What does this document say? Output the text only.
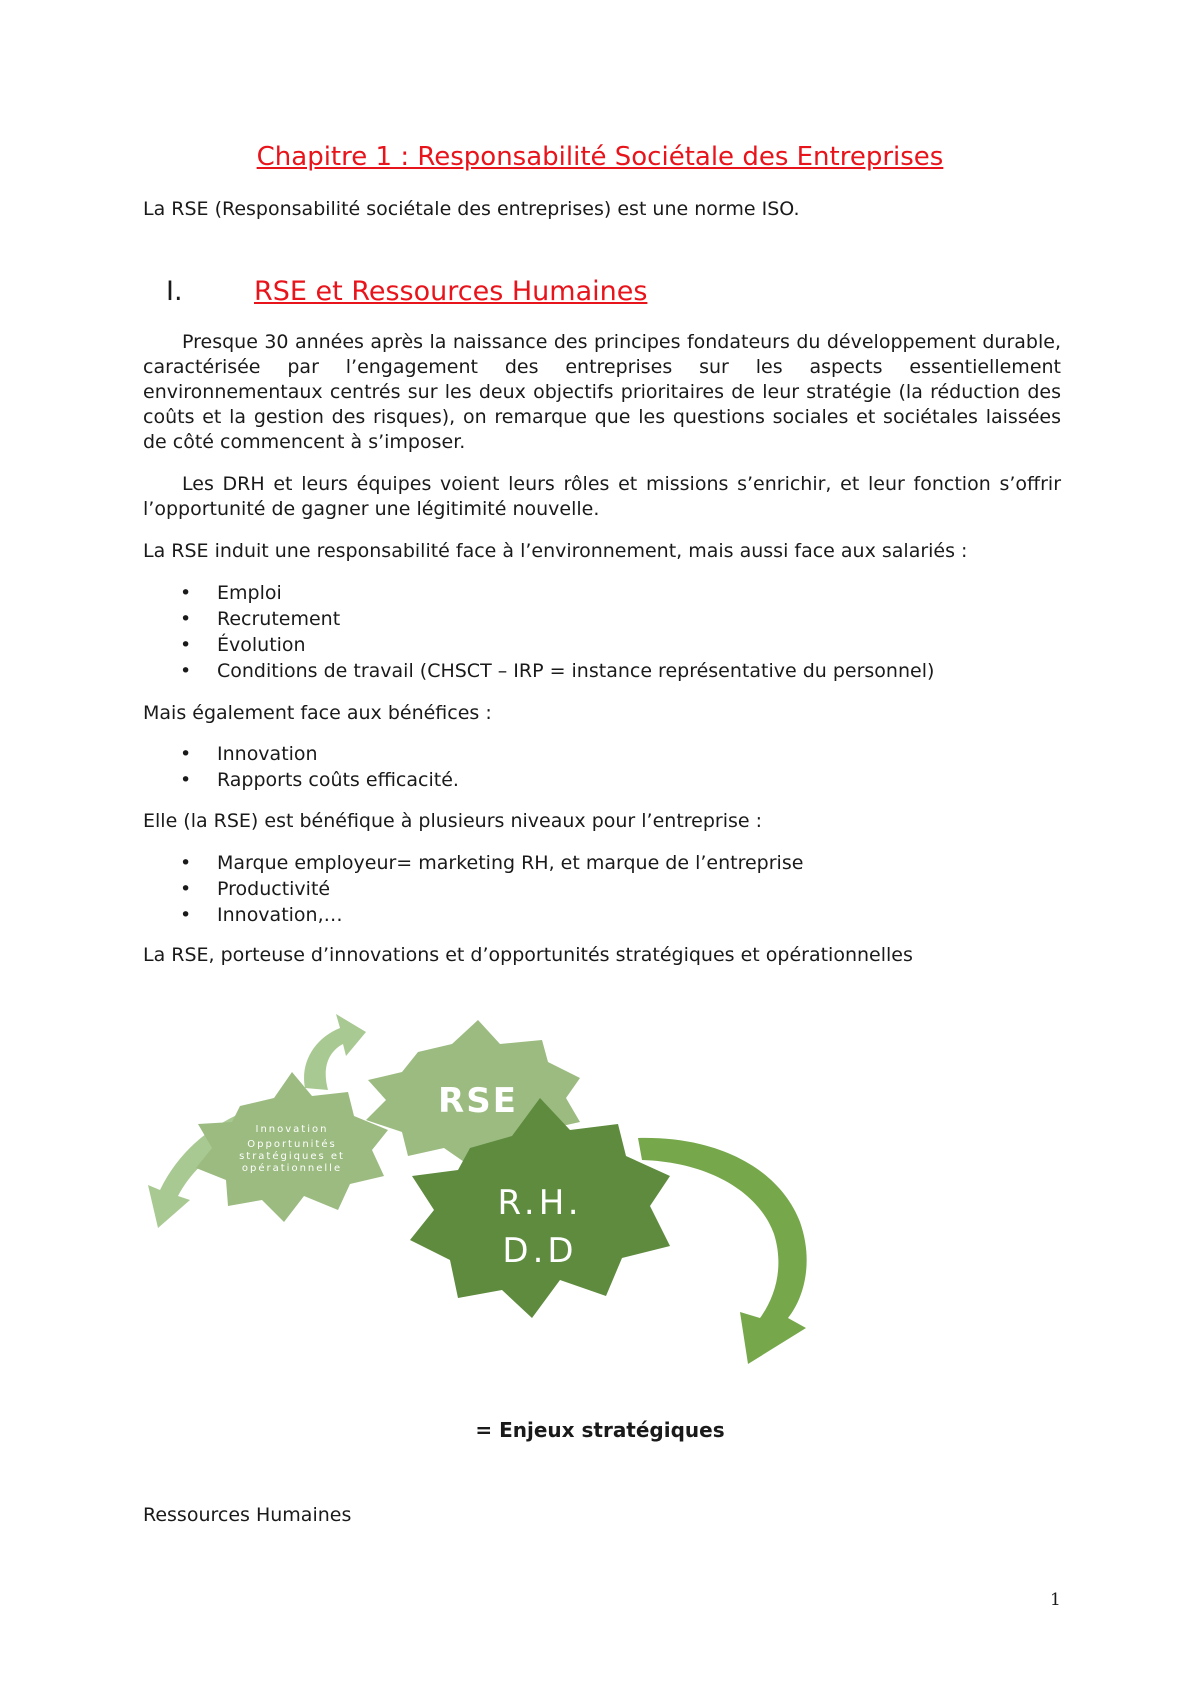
Chapitre 1 : Responsabilité Sociétale des Entreprises

La RSE (Responsabilité sociétale des entreprises) est une norme ISO.

I.	RSE et Ressources Humaines

Presque 30 années après la naissance des principes fondateurs du développement durable, caractérisée par l’engagement des entreprises sur les aspects essentiellement environnementaux centrés sur les deux objectifs prioritaires de leur stratégie (la réduction des coûts et la gestion des risques), on remarque que les questions sociales et sociétales laissées de côté commencent à s’imposer.

Les DRH et leurs équipes voient leurs rôles et missions s’enrichir, et leur fonction s’offrir l’opportunité de gagner une légitimité nouvelle.

La RSE induit une responsabilité face à l’environnement, mais aussi face aux salariés :

• Emploi
• Recrutement
• Évolution
• Conditions de travail (CHSCT – IRP = instance représentative du personnel)

Mais également face aux bénéfices :

• Innovation
• Rapports coûts efficacité.

Elle (la RSE) est bénéfique à plusieurs niveaux pour l’entreprise :

• Marque employeur= marketing RH, et marque de l’entreprise
• Productivité
• Innovation,…

La RSE, porteuse d’innovations et d’opportunités stratégiques et opérationnelles

RSE
Innovation
Opportunités
stratégiques et
opérationnelle
R.H.
D.D

= Enjeux stratégiques

Ressources Humaines

1
